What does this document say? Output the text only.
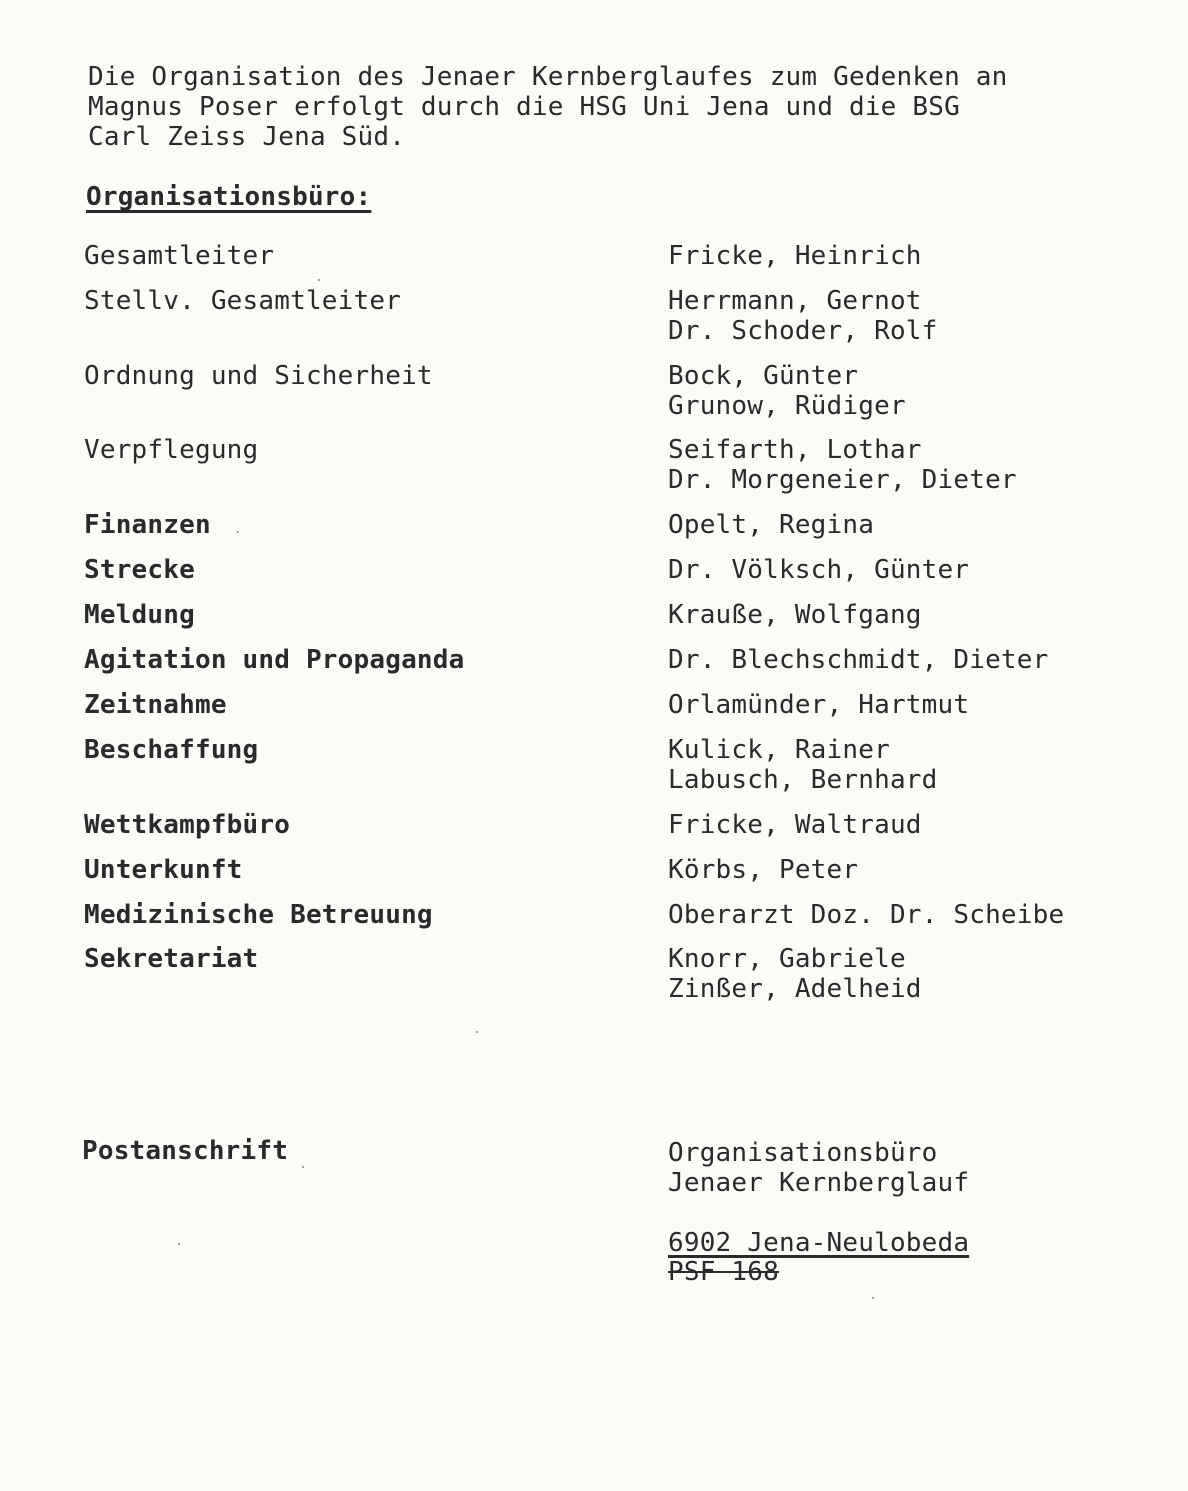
Die Organisation des Jenaer Kernberglaufes zum Gedenken an
Magnus Poser erfolgt durch die HSG Uni Jena und die BSG
Carl Zeiss Jena Süd.
Organisationsbüro:
Gesamtleiter	Fricke, Heinrich
Stellv. Gesamtleiter	Herrmann, Gernot
Dr. Schoder, Rolf
Ordnung und Sicherheit	Bock, Günter
Grunow, Rüdiger
Verpflegung	Seifarth, Lothar
Dr. Morgeneier, Dieter
Finanzen	Opelt, Regina
Strecke	Dr. Völksch, Günter
Meldung	Krauße, Wolfgang
Agitation und Propaganda	Dr. Blechschmidt, Dieter
Zeitnahme	Orlamünder, Hartmut
Beschaffung	Kulick, Rainer
Labusch, Bernhard
Wettkampfbüro	Fricke, Waltraud
Unterkunft	Körbs, Peter
Medizinische Betreuung	Oberarzt Doz. Dr. Scheibe
Sekretariat	Knorr, Gabriele
Zinßer, Adelheid
Postanschrift	Organisationsbüro
Jenaer Kernberglauf
6902 Jena-Neulobeda
PSF 168
